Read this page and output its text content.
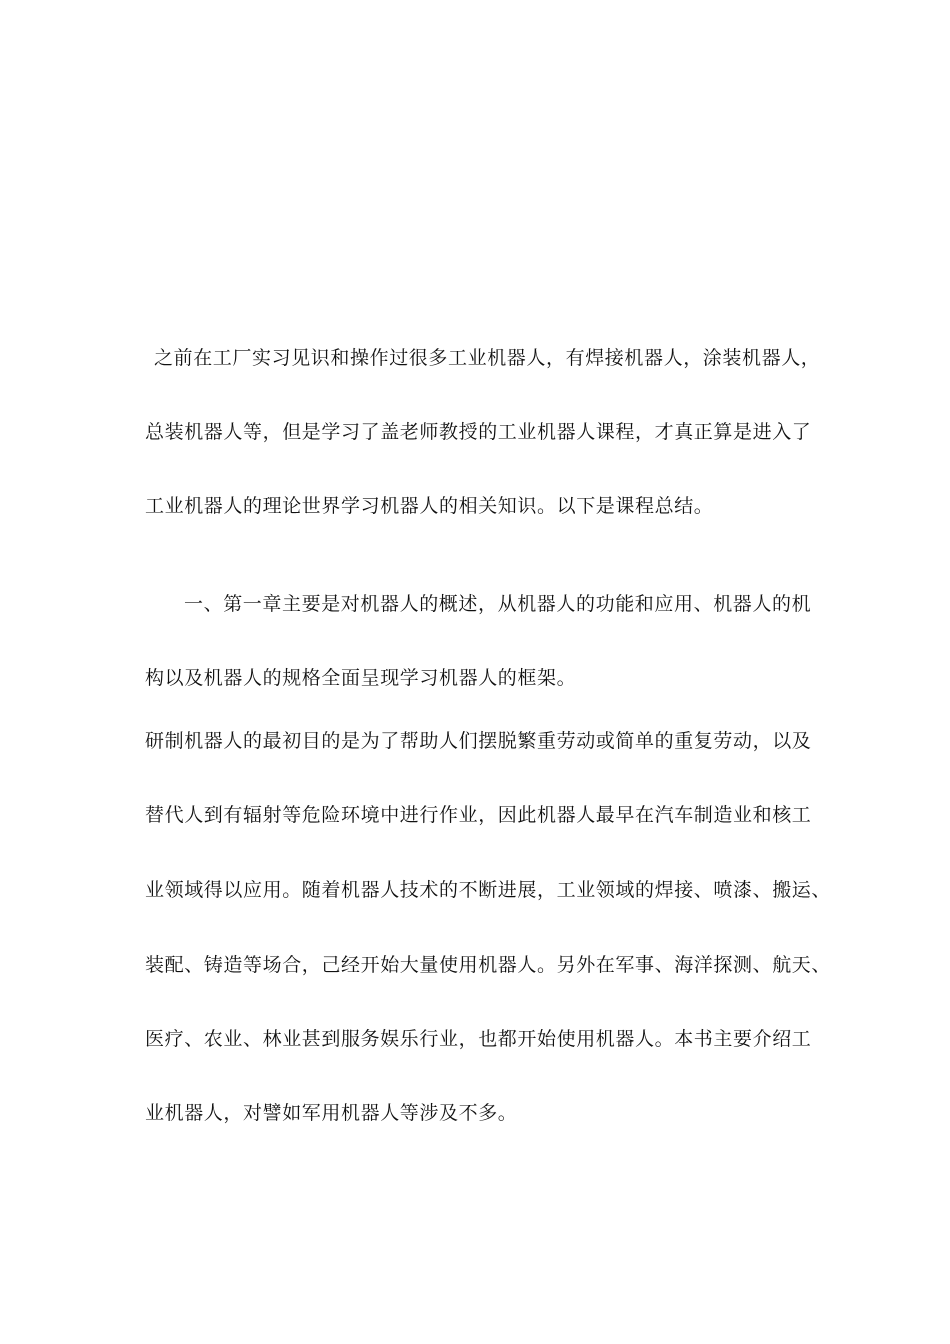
之前在工厂实习见识和操作过很多工业机器人，有焊接机器人，涂装机器人，
总装机器人等，但是学习了盖老师教授的工业机器人课程，才真正算是进入了
工业机器人的理论世界学习机器人的相关知识。以下是课程总结。
一、第一章主要是对机器人的概述，从机器人的功能和应用、机器人的机
构以及机器人的规格全面呈现学习机器人的框架。
研制机器人的最初目的是为了帮助人们摆脱繁重劳动或简单的重复劳动，以及
替代人到有辐射等危险环境中进行作业，因此机器人最早在汽车制造业和核工
业领域得以应用。随着机器人技术的不断进展，工业领域的焊接、喷漆、搬运、
装配、铸造等场合，己经开始大量使用机器人。另外在军事、海洋探测、航天、
医疗、农业、林业甚到服务娱乐行业，也都开始使用机器人。本书主要介绍工
业机器人，对譬如军用机器人等涉及不多。
